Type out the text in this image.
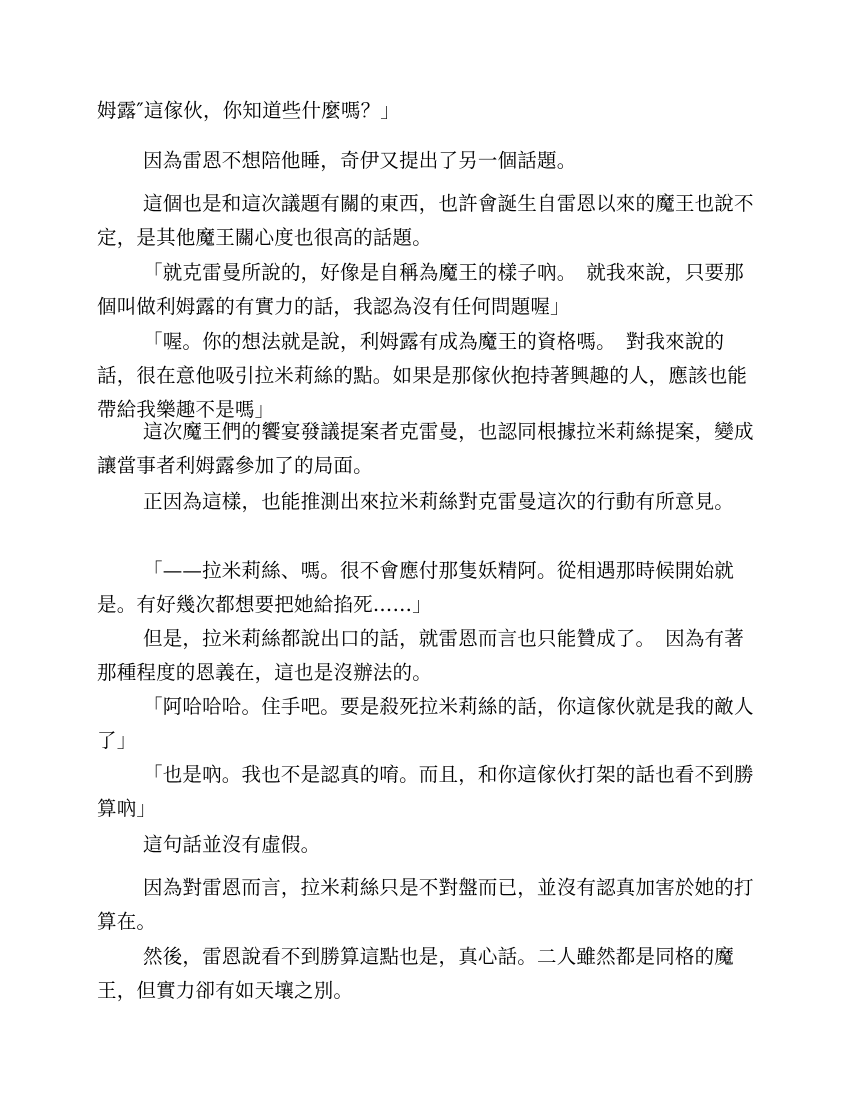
姆露″這傢伙，你知道些什麼嗎？」

因為雷恩不想陪他睡，奇伊又提出了另一個話題。

這個也是和這次議題有關的東西，也許會誕生自雷恩以來的魔王也說不定，是其他魔王關心度也很高的話題。

「就克雷曼所說的，好像是自稱為魔王的樣子吶。　就我來說，只要那個叫做利姆露的有實力的話，我認為沒有任何問題喔」

「喔。你的想法就是說，利姆露有成為魔王的資格嗎。　對我來說的話，很在意他吸引拉米莉絲的點。如果是那傢伙抱持著興趣的人，應該也能帶給我樂趣不是嗎」

這次魔王們的饗宴發議提案者克雷曼，也認同根據拉米莉絲提案，變成讓當事者利姆露參加了的局面。

正因為這樣，也能推測出來拉米莉絲對克雷曼這次的行動有所意見。

「——拉米莉絲、嗎。很不會應付那隻妖精阿。從相遇那時候開始就是。有好幾次都想要把她給掐死……」

但是，拉米莉絲都說出口的話，就雷恩而言也只能贊成了。　因為有著那種程度的恩義在，這也是沒辦法的。

「阿哈哈哈。住手吧。要是殺死拉米莉絲的話，你這傢伙就是我的敵人了」

「也是吶。我也不是認真的唷。而且，和你這傢伙打架的話也看不到勝算吶」

這句話並沒有虛假。

因為對雷恩而言，拉米莉絲只是不對盤而已，並沒有認真加害於她的打算在。

然後，雷恩說看不到勝算這點也是，真心話。二人雖然都是同格的魔王，但實力卻有如天壤之別。
